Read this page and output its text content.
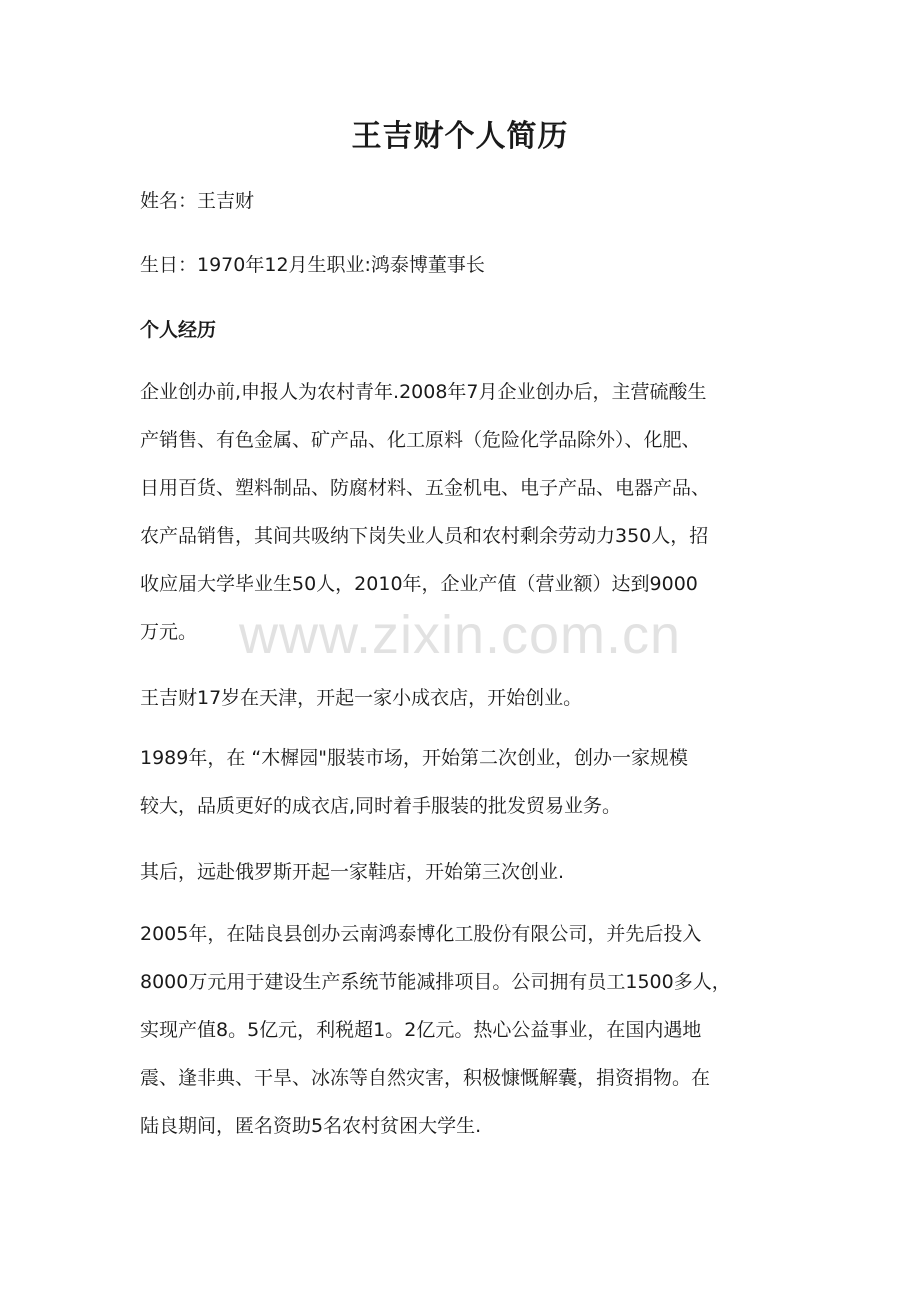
王吉财个人简历

姓名：王吉财

生日：1970年12月生职业:鸿泰博董事长

个人经历

企业创办前,申报人为农村青年.2008年7月企业创办后，主营硫酸生
产销售、有色金属、矿产品、化工原料（危险化学品除外）、化肥、
日用百货、塑料制品、防腐材料、五金机电、电子产品、电器产品、
农产品销售，其间共吸纳下岗失业人员和农村剩余劳动力350人，招
收应届大学毕业生50人，2010年，企业产值（营业额）达到9000
万元。
王吉财17岁在天津，开起一家小成衣店，开始创业。
1989年，在 “木樨园"服装市场，开始第二次创业，创办一家规模
较大，品质更好的成衣店,同时着手服装的批发贸易业务。
其后，远赴俄罗斯开起一家鞋店，开始第三次创业.
2005年，在陆良县创办云南鸿泰博化工股份有限公司，并先后投入
8000万元用于建设生产系统节能减排项目。公司拥有员工1500多人，
实现产值8。5亿元，利税超1。2亿元。热心公益事业，在国内遇地
震、逢非典、干旱、冰冻等自然灾害，积极慷慨解囊，捐资捐物。在
陆良期间，匿名资助5名农村贫困大学生.
www.zixin.com.cn
